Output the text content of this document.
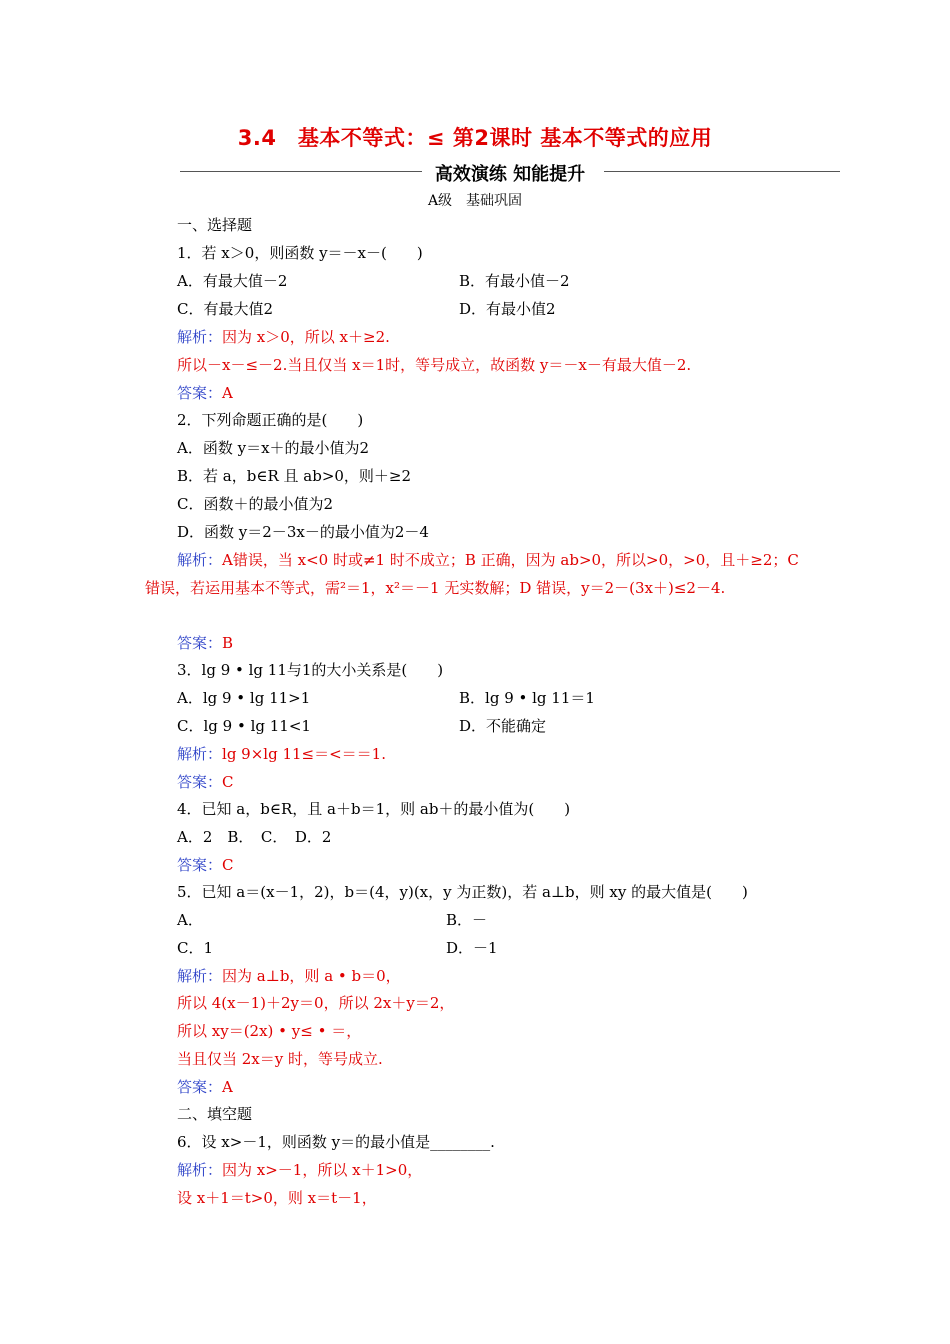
3.4　基本不等式：≤ 第2课时 基本不等式的应用
高效演练 知能提升
A级　基础巩固
一、选择题
1．若 x＞0，则函数 y＝－x－(　　)
A．有最大值－2	B．有最小值－2
C．有最大值2	D．有最小值2
解析：因为 x＞0，所以 x＋≥2.
所以－x－≤－2.当且仅当 x＝1时，等号成立，故函数 y＝－x－有最大值－2.
答案：A
2．下列命题正确的是(　　)
A．函数 y＝x＋的最小值为2
B．若 a，b∈R 且 ab>0，则＋≥2
C．函数＋的最小值为2
D．函数 y＝2－3x－的最小值为2－4
解析：A错误，当 x<0 时或≠1 时不成立；B 正确，因为 ab>0，所以>0，>0，且＋≥2；C 错误，若运用基本不等式，需²＝1，x²＝－1 无实数解；D 错误，y＝2－(3x＋)≤2－4.
答案：B
3．lg 9 • lg 11与1的大小关系是(　　)
A．lg 9 • lg 11>1	B．lg 9 • lg 11＝1
C．lg 9 • lg 11<1	D．不能确定
解析：lg 9×lg 11≤＝<＝＝1.
答案：C
4．已知 a，b∈R，且 a＋b＝1，则 ab＋的最小值为(　　)
A．2　B．　C．　D．2
答案：C
5．已知 a＝(x－1，2)，b＝(4，y)(x，y 为正数)，若 a⊥b，则 xy 的最大值是(　　)
A．	B．－
C．1	D．－1
解析：因为 a⊥b，则 a • b＝0，
所以 4(x－1)＋2y＝0，所以 2x＋y＝2，
所以 xy＝(2x) • y≤ • ＝，
当且仅当 2x＝y 时，等号成立.
答案：A
二、填空题
6．设 x>－1，则函数 y＝的最小值是________.
解析：因为 x>－1，所以 x＋1>0，
设 x＋1＝t>0，则 x＝t－1，
